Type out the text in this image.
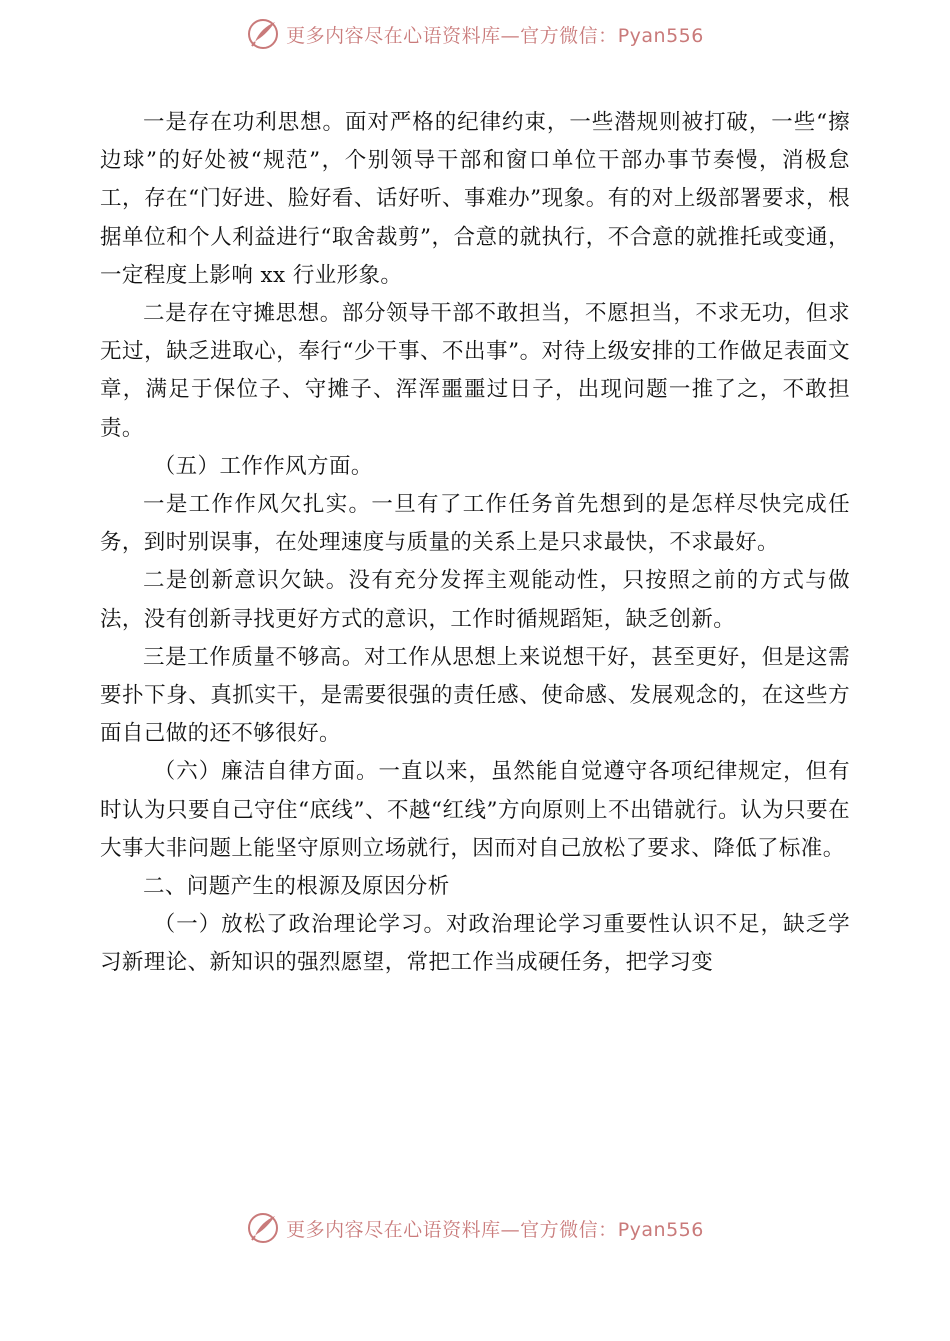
更多内容尽在心语资料库—官方微信：Pyan556

一是存在功利思想。面对严格的纪律约束，一些潜规则被打破，一些“擦边球”的好处被“规范”，个别领导干部和窗口单位干部办事节奏慢，消极怠工，存在“门好进、脸好看、话好听、事难办”现象。有的对上级部署要求，根据单位和个人利益进行“取舍裁剪”，合意的就执行，不合意的就推托或变通，一定程度上影响 xx 行业形象。

二是存在守摊思想。部分领导干部不敢担当，不愿担当，不求无功，但求无过，缺乏进取心，奉行“少干事、不出事”。对待上级安排的工作做足表面文章，满足于保位子、守摊子、浑浑噩噩过日子，出现问题一推了之，不敢担责。

（五）工作作风方面。

一是工作作风欠扎实。一旦有了工作任务首先想到的是怎样尽快完成任务，到时别误事，在处理速度与质量的关系上是只求最快，不求最好。

二是创新意识欠缺。没有充分发挥主观能动性，只按照之前的方式与做法，没有创新寻找更好方式的意识，工作时循规蹈矩，缺乏创新。

三是工作质量不够高。对工作从思想上来说想干好，甚至更好，但是这需要扑下身、真抓实干，是需要很强的责任感、使命感、发展观念的，在这些方面自己做的还不够很好。

（六）廉洁自律方面。一直以来，虽然能自觉遵守各项纪律规定，但有时认为只要自己守住“底线”、不越“红线”方向原则上不出错就行。认为只要在大事大非问题上能坚守原则立场就行，因而对自己放松了要求、降低了标准。

二、问题产生的根源及原因分析

（一）放松了政治理论学习。对政治理论学习重要性认识不足，缺乏学习新理论、新知识的强烈愿望，常把工作当成硬任务，把学习变

更多内容尽在心语资料库—官方微信：Pyan556
